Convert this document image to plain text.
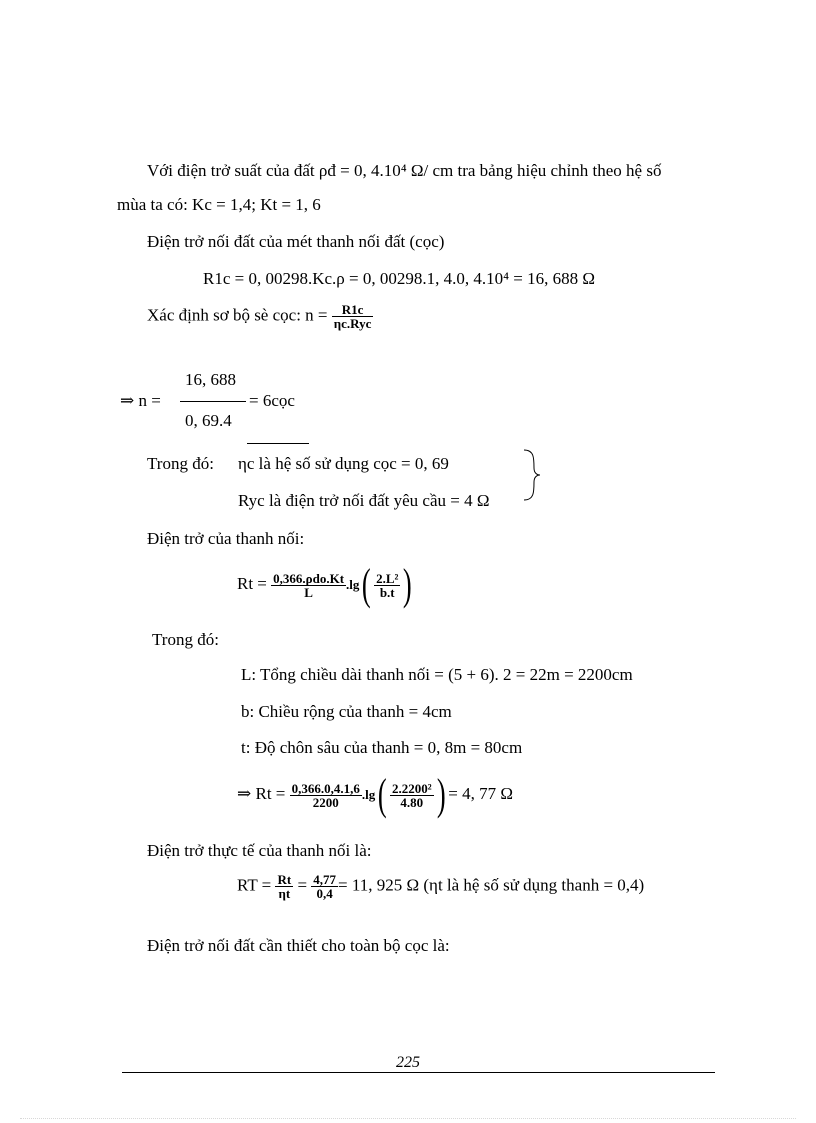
Với điện trở suất của đất ρđ = 0, 4.10⁴ Ω/ cm tra bảng hiệu chỉnh theo hệ số
mùa ta có: Kc = 1,4; Kt = 1, 6
Điện trở nối đất của mét thanh nối đất (cọc)
R1c = 0, 00298.Kc.ρ = 0, 00298.1, 4.0, 4.10⁴ = 16, 688 Ω
Xác định sơ bộ sè cọc: $n = \frac{R1c}{\text{ηc.Ryc}}$
16, 688
⇒ n =	= 6cọc
0, 69.4
Trong đó: ηc là hệ số sử dụng cọc = 0, 69
Ryc là điện trở nối đất yêu cầu = 4 Ω
Điện trở của thanh nối:
$Rt = \frac{\text{0,366.ρdo.Kt}}{L} .\lg( \frac{\text{2.L²}}{b.t}$ )
Trong đó:
L: Tổng chiều dài thanh nối = (5 + 6). 2 = 22m = 2200cm
b: Chiều rộng của thanh = 4cm
t: Độ chôn sâu của thanh = 0, 8m = 80cm
⇒ $Rt = \frac{0,366.0,4.1,6}{2200} .\lg( \frac{\text{2.2200²}}{4.80}$ ) = 4, 77 Ω
Điện trở thực tế của thanh nối là:
RT = $\frac{Rt}{\eta t} = \frac{4,77}{0,4} = 11$, 925 Ω (ηt là hệ số sử dụng thanh = 0,4)
Điện trở nối đất cần thiết cho toàn bộ cọc là:
225
